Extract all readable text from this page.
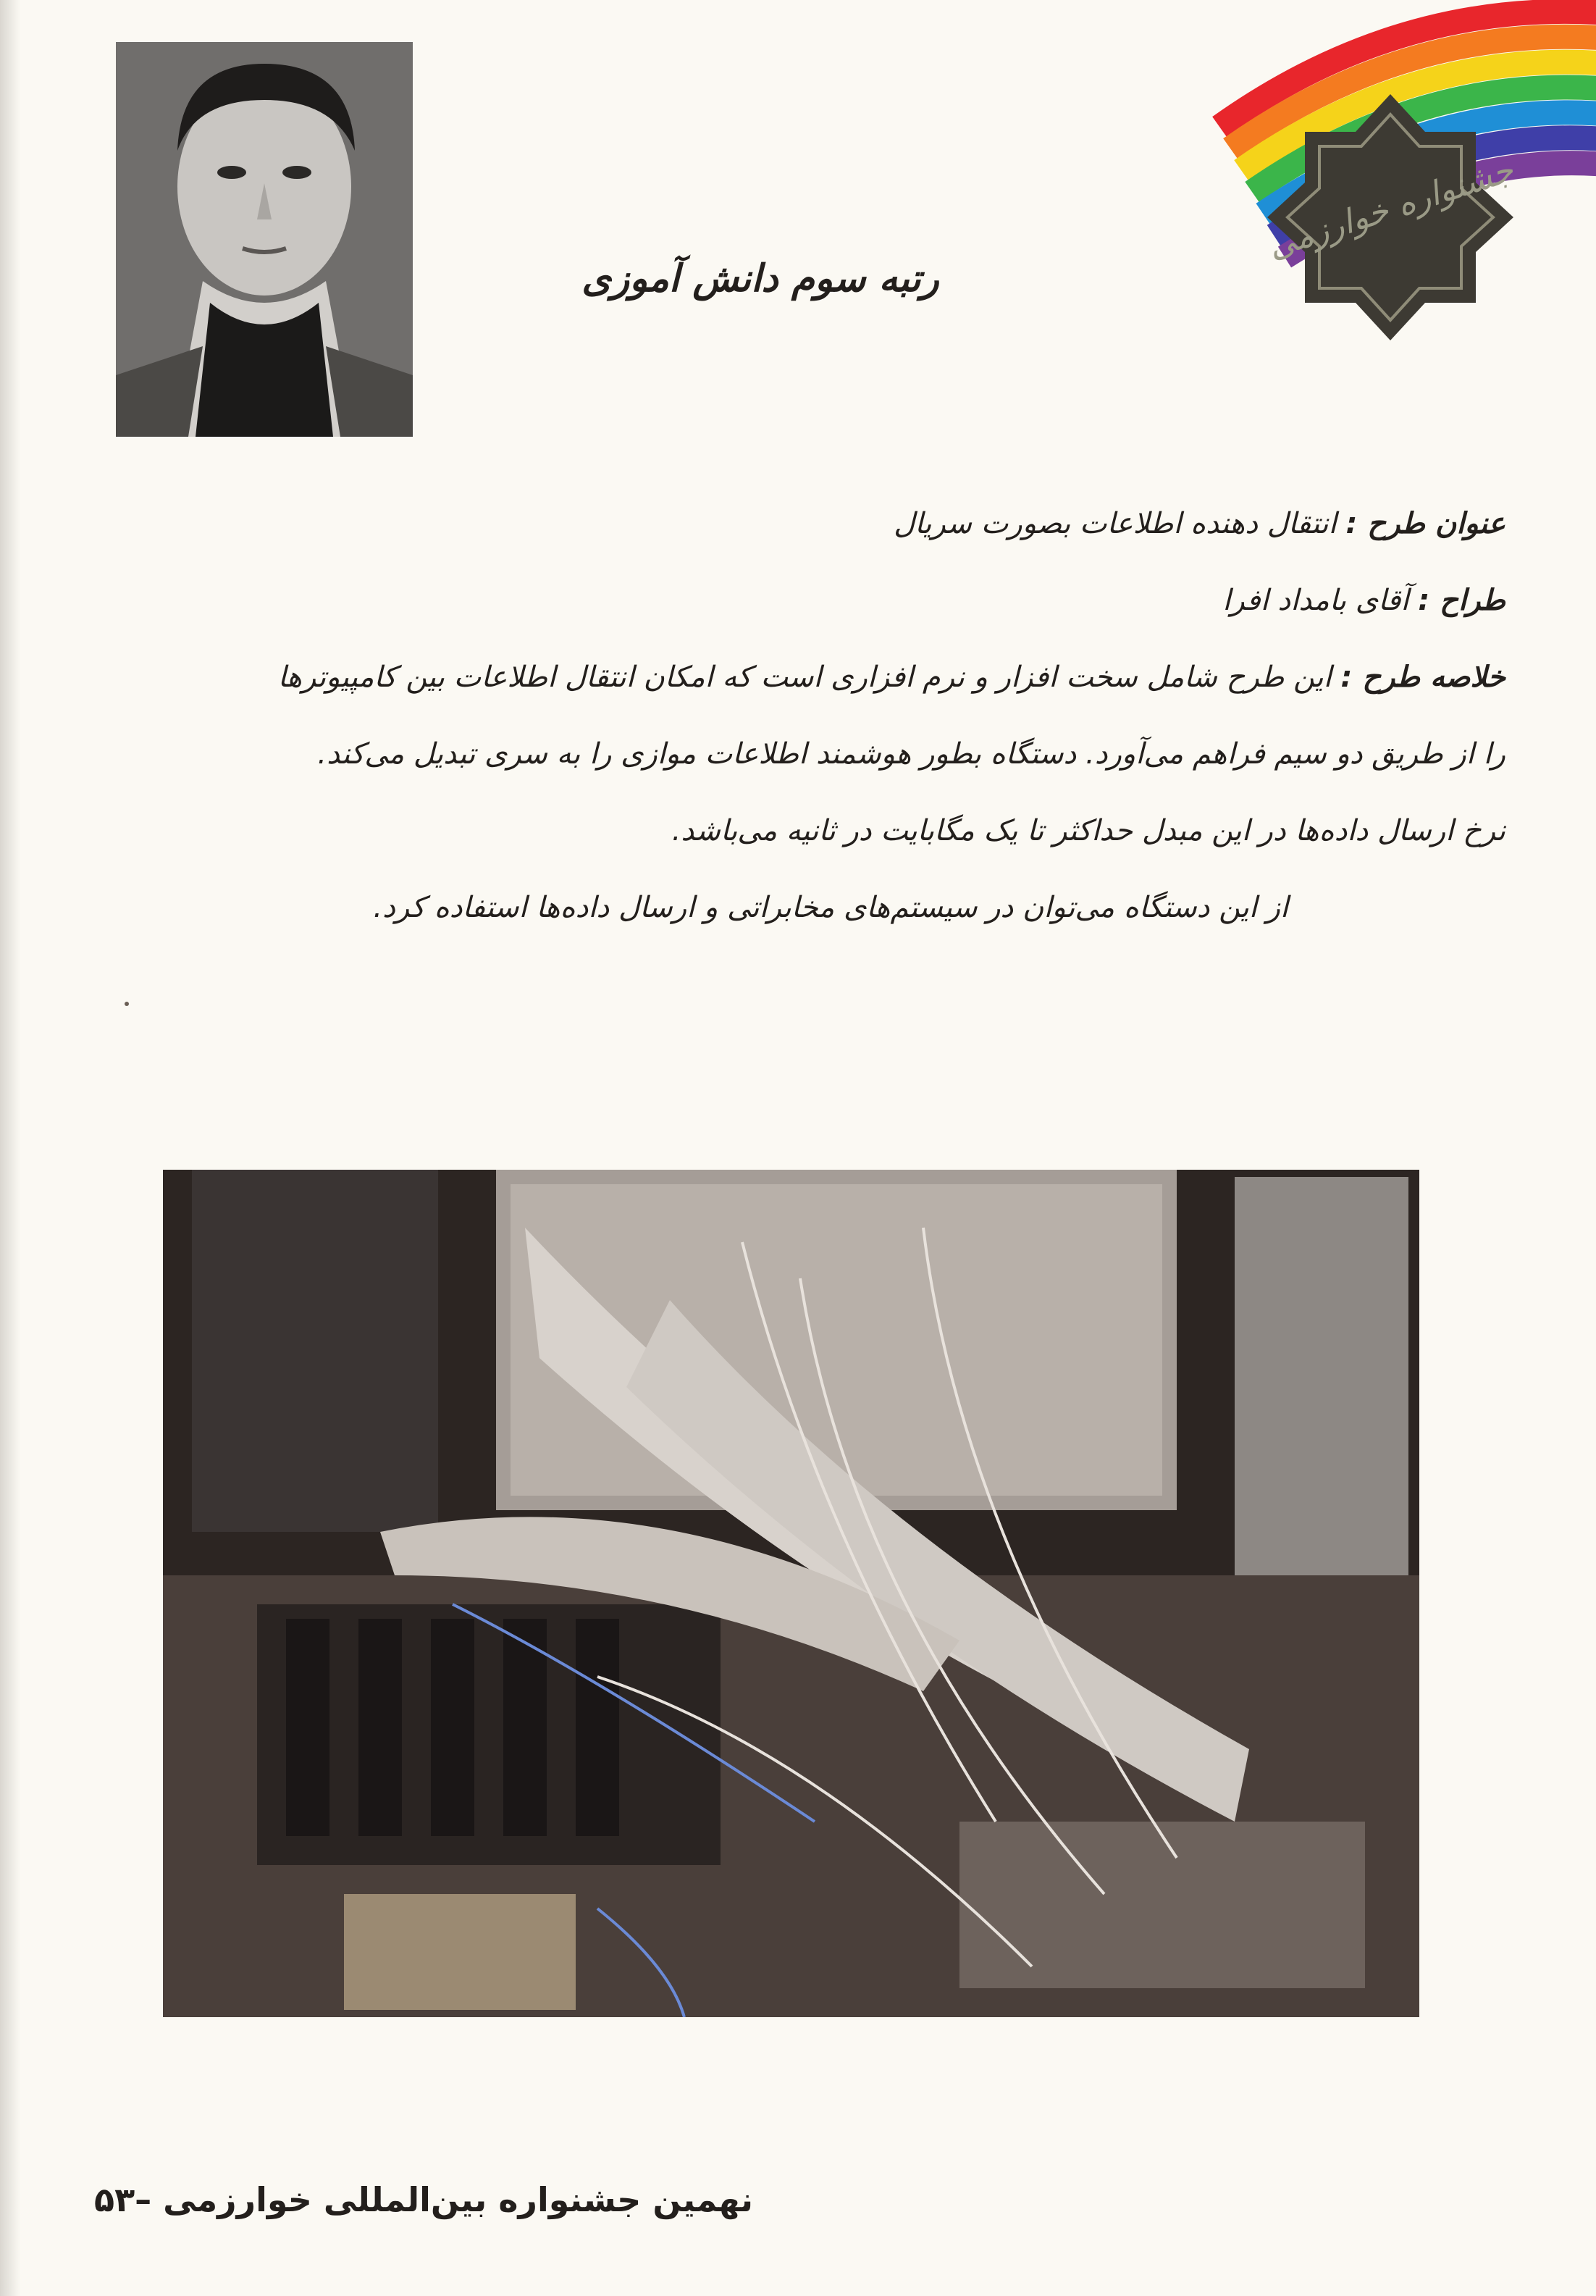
جشنواره خوارزمی
رتبه سوم دانش آموزی
عنوان طرح : انتقال دهنده اطلاعات بصورت سریال
طراح : آقای بامداد افرا
خلاصه طرح : این طرح شامل سخت افزار و نرم افزاری است که امکان انتقال اطلاعات بین کامپیوترها
را از طریق دو سیم فراهم می‌آورد. دستگاه بطور هوشمند اطلاعات موازی را به سری تبدیل می‌کند.
نرخ ارسال داده‌ها در این مبدل حداکثر تا یک مگابایت در ثانیه می‌باشد.
از این دستگاه می‌توان در سیستم‌های مخابراتی و ارسال داده‌ها استفاده کرد.
نهمین جشنواره بین‌المللی خوارزمی
–۵۳
